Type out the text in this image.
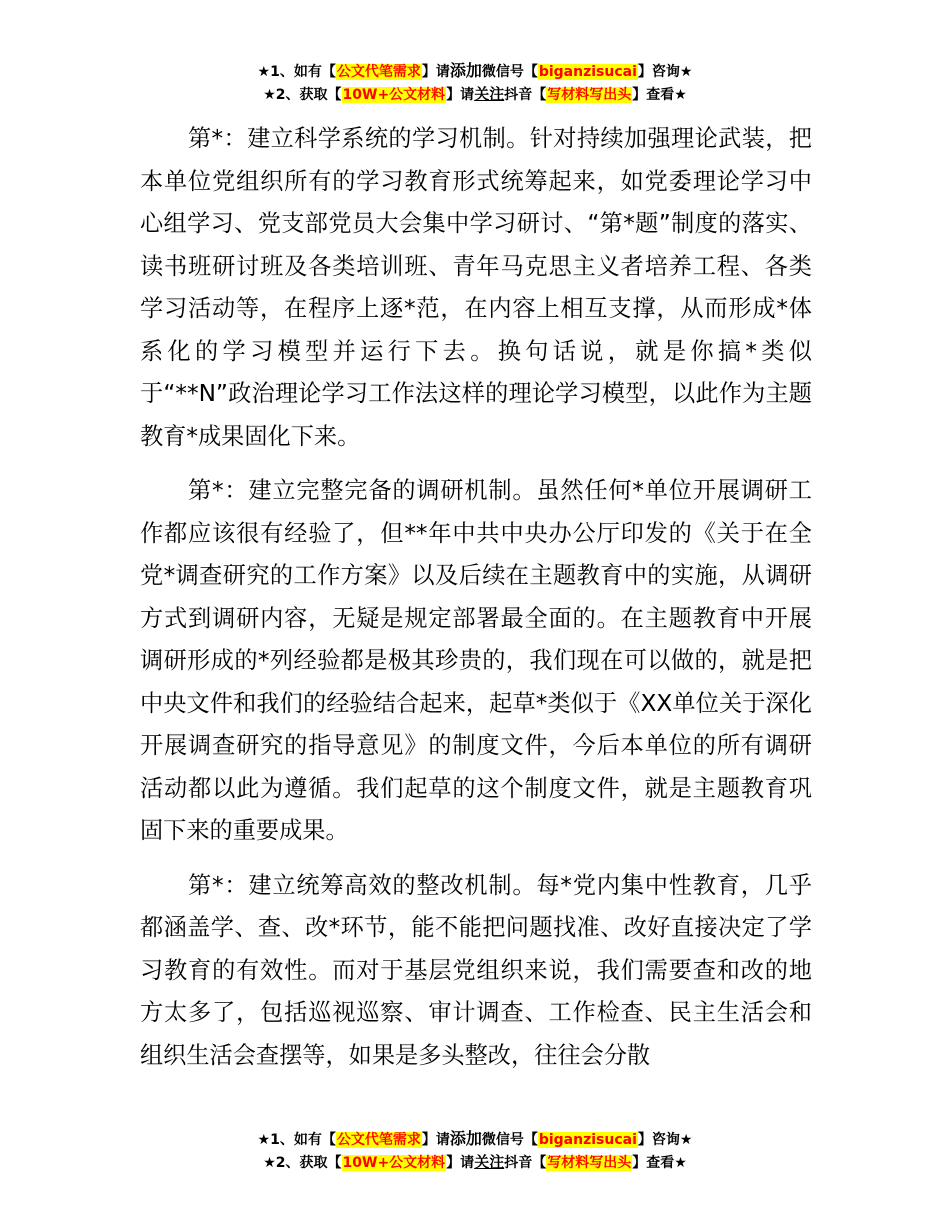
★1、如有【公文代笔需求】请添加微信号【biganzisucai】咨询★
★2、获取【10W+公文材料】请关注抖音【写材料写出头】查看★

第*：建立科学系统的学习机制。针对持续加强理论武装，把本单位党组织所有的学习教育形式统筹起来，如党委理论学习中心组学习、党支部党员大会集中学习研讨、“第*题”制度的落实、读书班研讨班及各类培训班、青年马克思主义者培养工程、各类学习活动等，在程序上逐*范，在内容上相互支撑，从而形成*体系化的学习模型并运行下去。换句话说，就是你搞*类似于“**N”政治理论学习工作法这样的理论学习模型，以此作为主题教育*成果固化下来。

第*：建立完整完备的调研机制。虽然任何*单位开展调研工作都应该很有经验了，但**年中共中央办公厅印发的《关于在全党*调查研究的工作方案》以及后续在主题教育中的实施，从调研方式到调研内容，无疑是规定部署最全面的。在主题教育中开展调研形成的*列经验都是极其珍贵的，我们现在可以做的，就是把中央文件和我们的经验结合起来，起草*类似于《XX单位关于深化开展调查研究的指导意见》的制度文件，今后本单位的所有调研活动都以此为遵循。我们起草的这个制度文件，就是主题教育巩固下来的重要成果。

第*：建立统筹高效的整改机制。每*党内集中性教育，几乎都涵盖学、查、改*环节，能不能把问题找准、改好直接决定了学习教育的有效性。而对于基层党组织来说，我们需要查和改的地方太多了，包括巡视巡察、审计调查、工作检查、民主生活会和组织生活会查摆等，如果是多头整改，往往会分散

★1、如有【公文代笔需求】请添加微信号【biganzisucai】咨询★
★2、获取【10W+公文材料】请关注抖音【写材料写出头】查看★
